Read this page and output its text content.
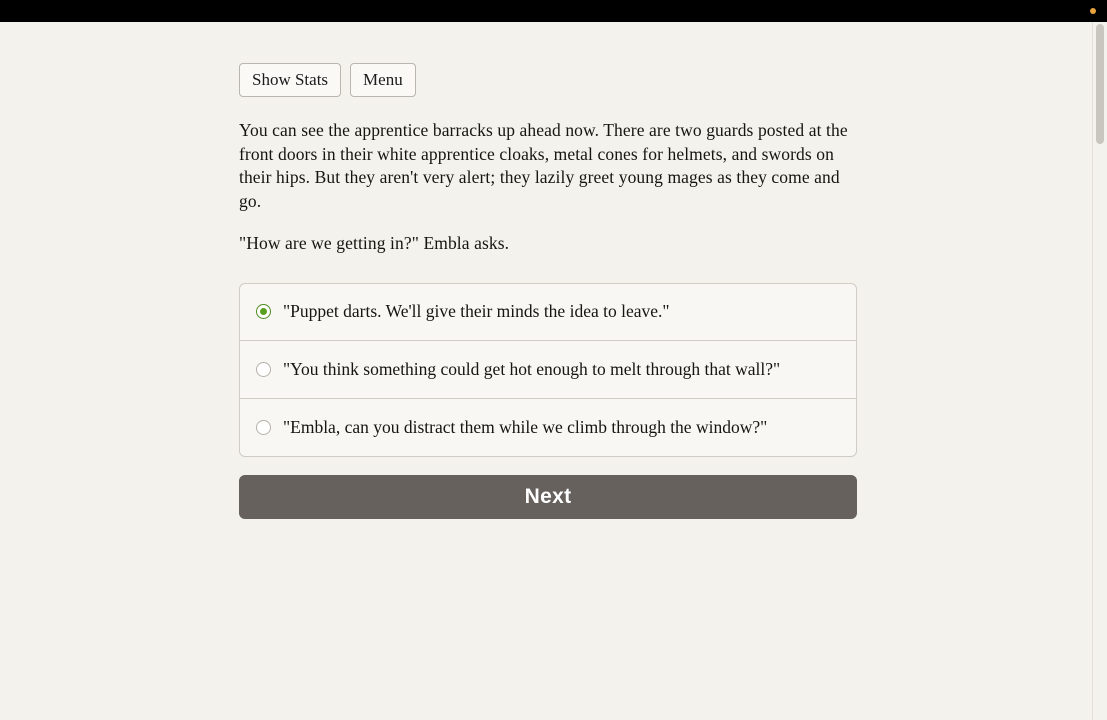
Show Stats	Menu

You can see the apprentice barracks up ahead now. There are two guards posted at the front doors in their white apprentice cloaks, metal cones for helmets, and swords on their hips. But they aren't very alert; they lazily greet young mages as they come and go.

"How are we getting in?" Embla asks.

"Puppet darts. We'll give their minds the idea to leave."
"You think something could get hot enough to melt through that wall?"
"Embla, can you distract them while we climb through the window?"
Next
